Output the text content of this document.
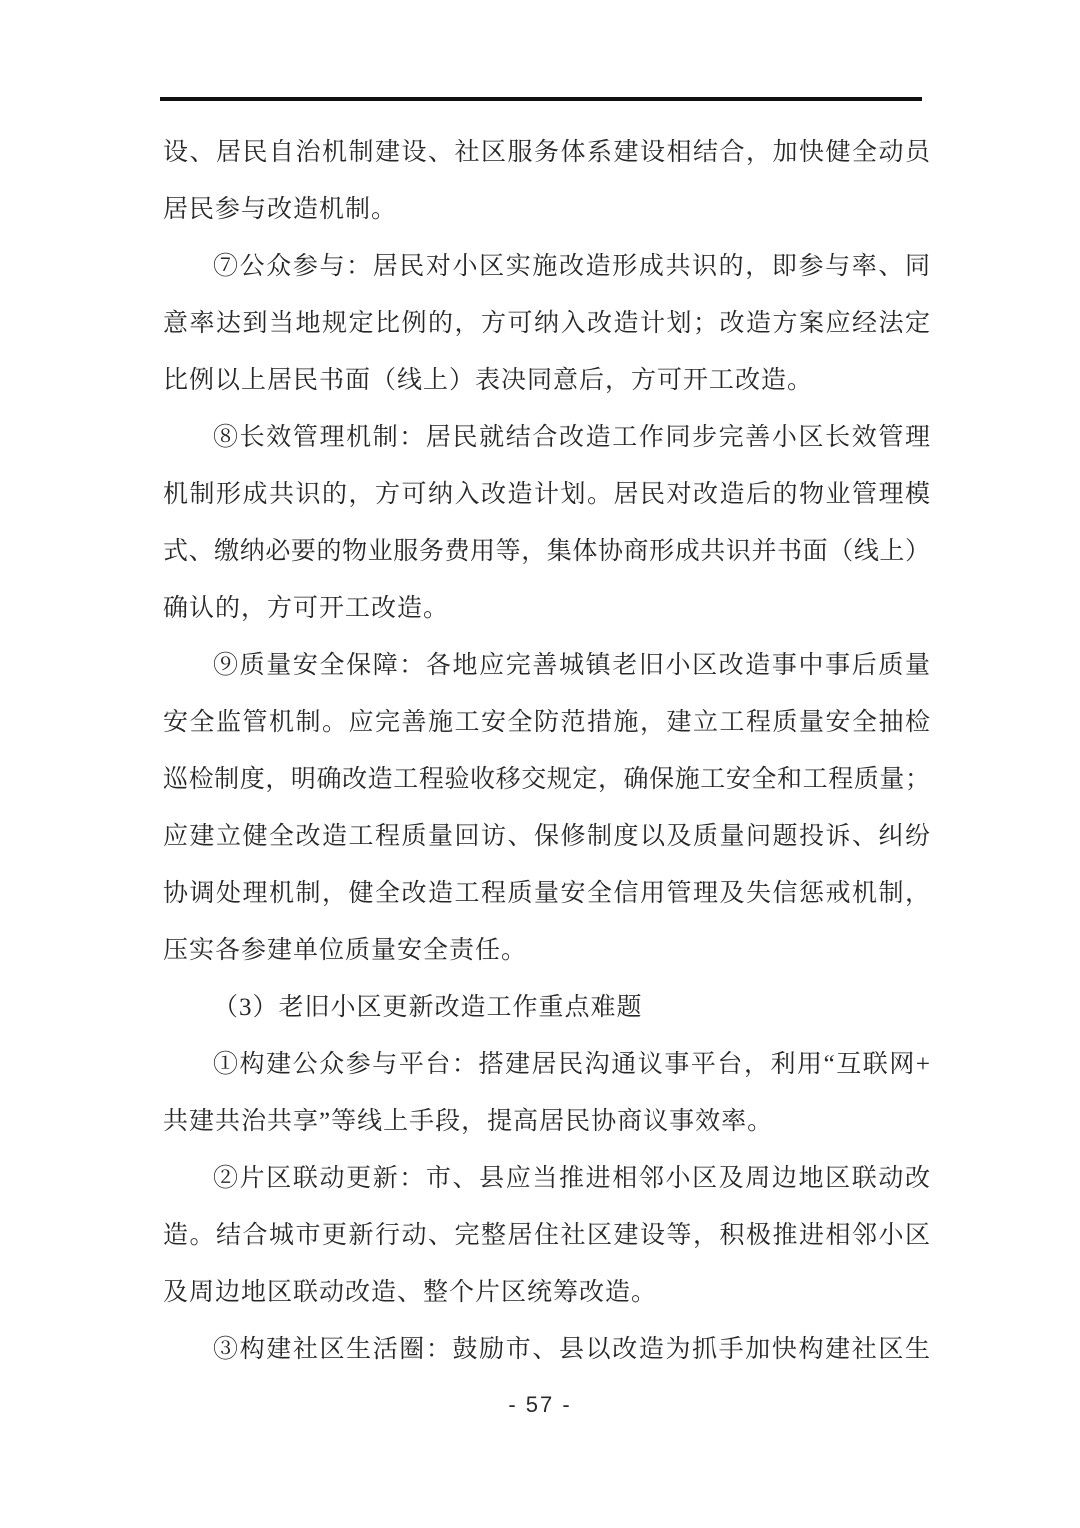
设、居民自治机制建设、社区服务体系建设相结合，加快健全动员
居民参与改造机制。
⑦公众参与：居民对小区实施改造形成共识的，即参与率、同
意率达到当地规定比例的，方可纳入改造计划；改造方案应经法定
比例以上居民书面（线上）表决同意后，方可开工改造。
⑧长效管理机制：居民就结合改造工作同步完善小区长效管理
机制形成共识的，方可纳入改造计划。居民对改造后的物业管理模
式、缴纳必要的物业服务费用等，集体协商形成共识并书面（线上）
确认的，方可开工改造。
⑨质量安全保障：各地应完善城镇老旧小区改造事中事后质量
安全监管机制。应完善施工安全防范措施，建立工程质量安全抽检
巡检制度，明确改造工程验收移交规定，确保施工安全和工程质量；
应建立健全改造工程质量回访、保修制度以及质量问题投诉、纠纷
协调处理机制，健全改造工程质量安全信用管理及失信惩戒机制，
压实各参建单位质量安全责任。
（3）老旧小区更新改造工作重点难题
①构建公众参与平台：搭建居民沟通议事平台，利用“互联网+
共建共治共享”等线上手段，提高居民协商议事效率。
②片区联动更新：市、县应当推进相邻小区及周边地区联动改
造。结合城市更新行动、完整居住社区建设等，积极推进相邻小区
及周边地区联动改造、整个片区统筹改造。
③构建社区生活圈：鼓励市、县以改造为抓手加快构建社区生
- 57 -
